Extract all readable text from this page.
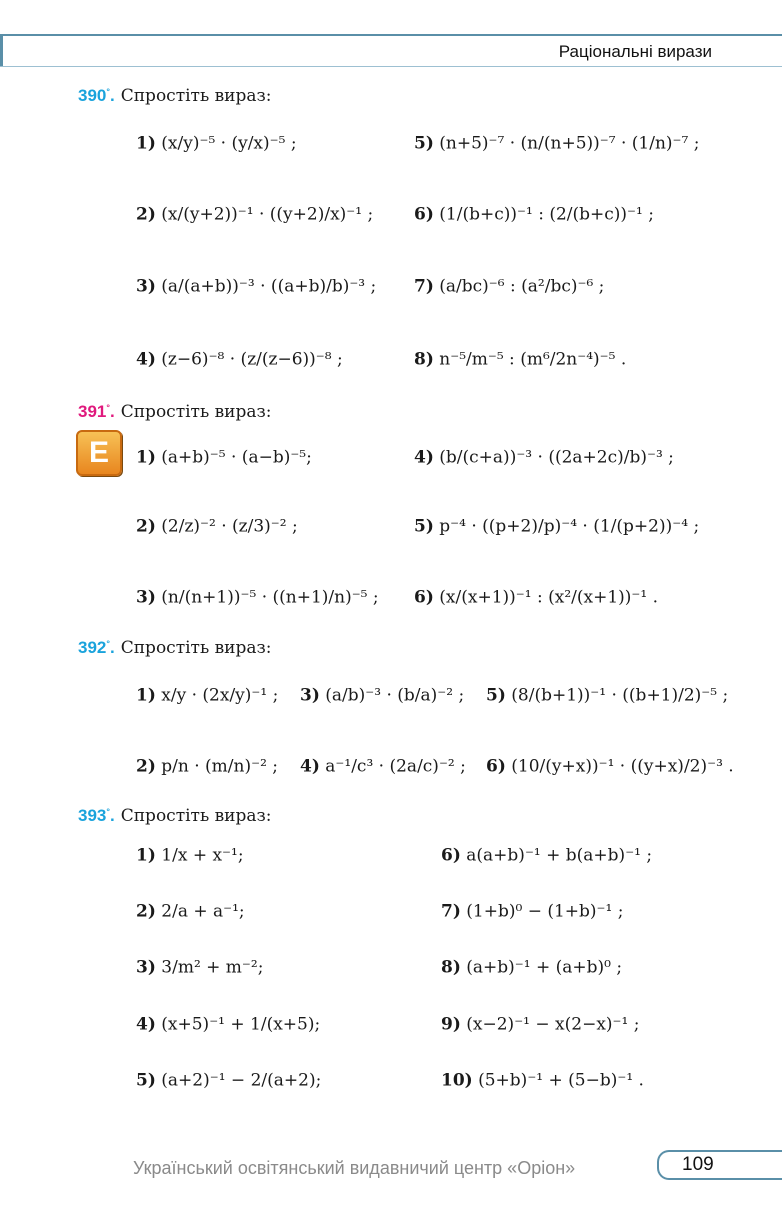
Раціональні вирази
390°. Спростіть вираз:
1) (x/y)⁻⁵ · (y/x)⁻⁵ ;
2) (x/(y+2))⁻¹ · ((y+2)/x)⁻¹ ;
3) (a/(a+b))⁻³ · ((a+b)/b)⁻³ ;
4) (z−6)⁻⁸ · (z/(z−6))⁻⁸ ;
5) (n+5)⁻⁷ · (n/(n+5))⁻⁷ · (1/n)⁻⁷ ;
6) (1/(b+c))⁻¹ : (2/(b+c))⁻¹ ;
7) (a/bc)⁻⁶ : (a²/bc)⁻⁶ ;
8) n⁻⁵/m⁻⁵ : (m⁶/2n⁻⁴)⁻⁵ .
391°. Спростіть вираз:
Е	1) (a+b)⁻⁵ · (a−b)⁻⁵;
2) (2/z)⁻² · (z/3)⁻² ;
3) (n/(n+1))⁻⁵ · ((n+1)/n)⁻⁵ ;
4) (b/(c+a))⁻³ · ((2a+2c)/b)⁻³ ;
5) p⁻⁴ · ((p+2)/p)⁻⁴ · (1/(p+2))⁻⁴ ;
6) (x/(x+1))⁻¹ : (x²/(x+1))⁻¹ .
392°. Спростіть вираз:
1) x/y · (2x/y)⁻¹ ; 3) (a/b)⁻³ · (b/a)⁻² ; 5) (8/(b+1))⁻¹ · ((b+1)/2)⁻⁵ ;
2) p/n · (m/n)⁻² ; 4) a⁻¹/c³ · (2a/c)⁻² ; 6) (10/(y+x))⁻¹ · ((y+x)/2)⁻³ .
393°. Спростіть вираз:
1) 1/x + x⁻¹;
2) 2/a + a⁻¹;
3) 3/m² + m⁻²;
4) (x+5)⁻¹ + 1/(x+5);
5) (a+2)⁻¹ − 2/(a+2);
6) a(a+b)⁻¹ + b(a+b)⁻¹ ;
7) (1+b)⁰ − (1+b)⁻¹ ;
8) (a+b)⁻¹ + (a+b)⁰ ;
9) (x−2)⁻¹ − x(2−x)⁻¹ ;
10) (5+b)⁻¹ + (5−b)⁻¹ .
Український освітянський видавничий центр «Оріон»	109
